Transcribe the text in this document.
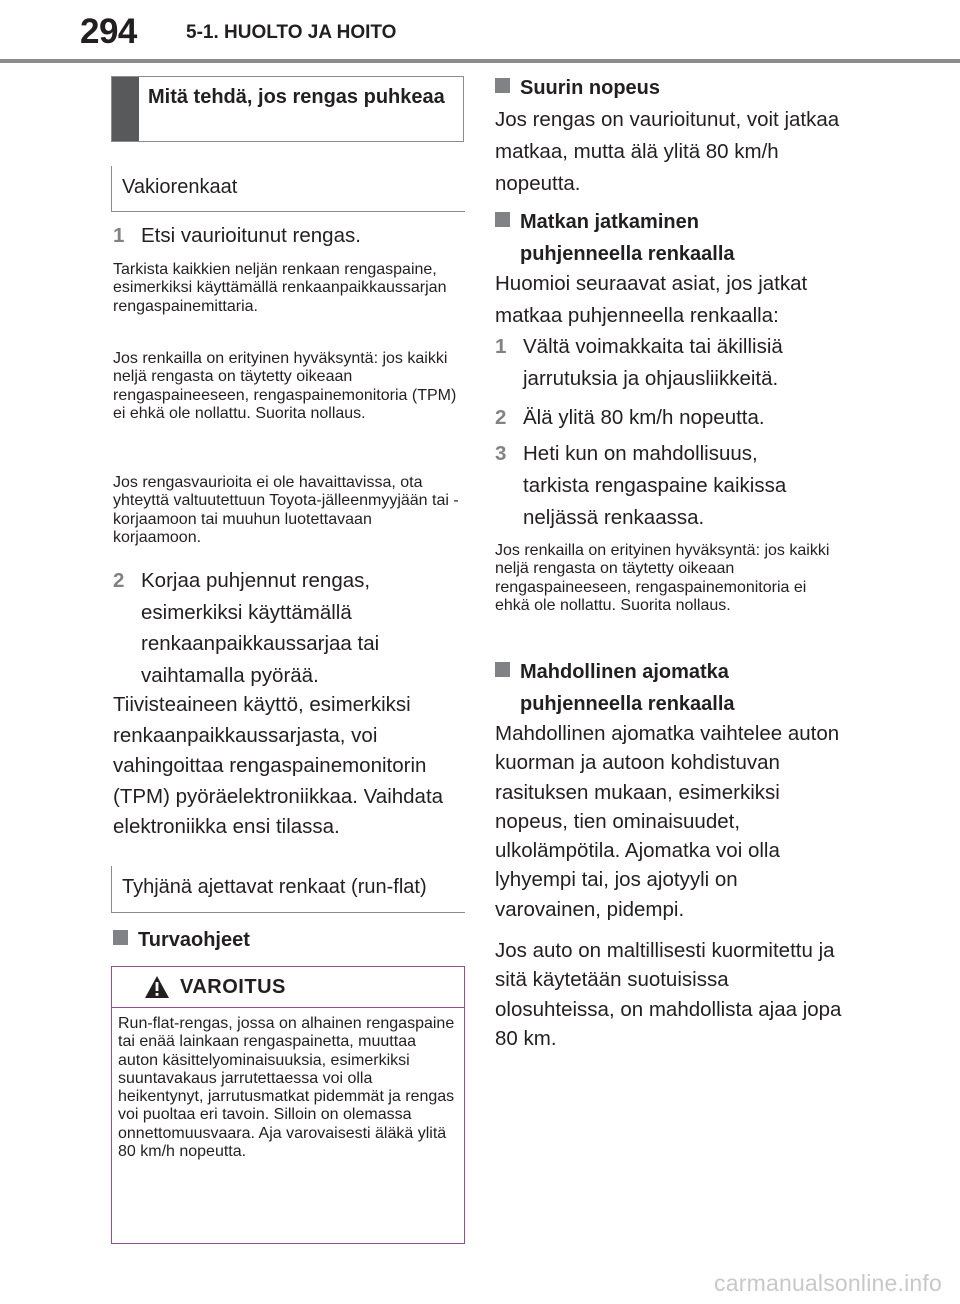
294	5-1. HUOLTO JA HOITO
Mitä tehdä, jos rengas puhkeaa
Vakiorenkaat
1 Etsi vaurioitunut rengas.
Tarkista kaikkien neljän renkaan rengaspaine, esimerkiksi käyttämällä renkaanpaikkaussarjan rengaspainemittaria.
Jos renkailla on erityinen hyväksyntä: jos kaikki neljä rengasta on täytetty oikeaan rengaspaineeseen, rengaspainemonitoria (TPM) ei ehkä ole nollattu. Suorita nollaus.
Jos rengasvaurioita ei ole havaittavissa, ota yhteyttä valtuutettuun Toyota-jälleenmyyjään tai -korjaamoon tai muuhun luotettavaan korjaamoon.
2 Korjaa puhjennut rengas, esimerkiksi käyttämällä renkaanpaikkaussarjaa tai vaihtamalla pyörää.
Tiivisteaineen käyttö, esimerkiksi renkaanpaikkaussarjasta, voi vahingoittaa rengaspainemonitorin (TPM) pyöräelektroniikkaa. Vaihdata elektroniikka ensi tilassa.
Tyhjänä ajettavat renkaat (run-flat)
Turvaohjeet
VAROITUS
Run-flat-rengas, jossa on alhainen rengaspaine tai enää lainkaan rengaspainetta, muuttaa auton käsittelyominaisuuksia, esimerkiksi suuntavakaus jarrutettaessa voi olla heikentynyt, jarrutusmatkat pidemmät ja rengas voi puoltaa eri tavoin. Silloin on olemassa onnettomuusvaara. Aja varovaisesti äläkä ylitä 80 km/h nopeutta.
Suurin nopeus
Jos rengas on vaurioitunut, voit jatkaa matkaa, mutta älä ylitä 80 km/h nopeutta.
Matkan jatkaminen puhjenneella renkaalla
Huomioi seuraavat asiat, jos jatkat matkaa puhjenneella renkaalla:
1 Vältä voimakkaita tai äkillisiä jarrutuksia ja ohjausliikkeitä.
2 Älä ylitä 80 km/h nopeutta.
3 Heti kun on mahdollisuus, tarkista rengaspaine kaikissa neljässä renkaassa.
Jos renkailla on erityinen hyväksyntä: jos kaikki neljä rengasta on täytetty oikeaan rengaspaineeseen, rengaspainemonitoria ei ehkä ole nollattu. Suorita nollaus.
Mahdollinen ajomatka puhjenneella renkaalla
Mahdollinen ajomatka vaihtelee auton kuorman ja autoon kohdistuvan rasituksen mukaan, esimerkiksi nopeus, tien ominaisuudet, ulkolämpötila. Ajomatka voi olla lyhyempi tai, jos ajotyyli on varovainen, pidempi.
Jos auto on maltillisesti kuormitettu ja sitä käytetään suotuisissa olosuhteissa, on mahdollista ajaa jopa 80 km.
carmanualsonline.info
